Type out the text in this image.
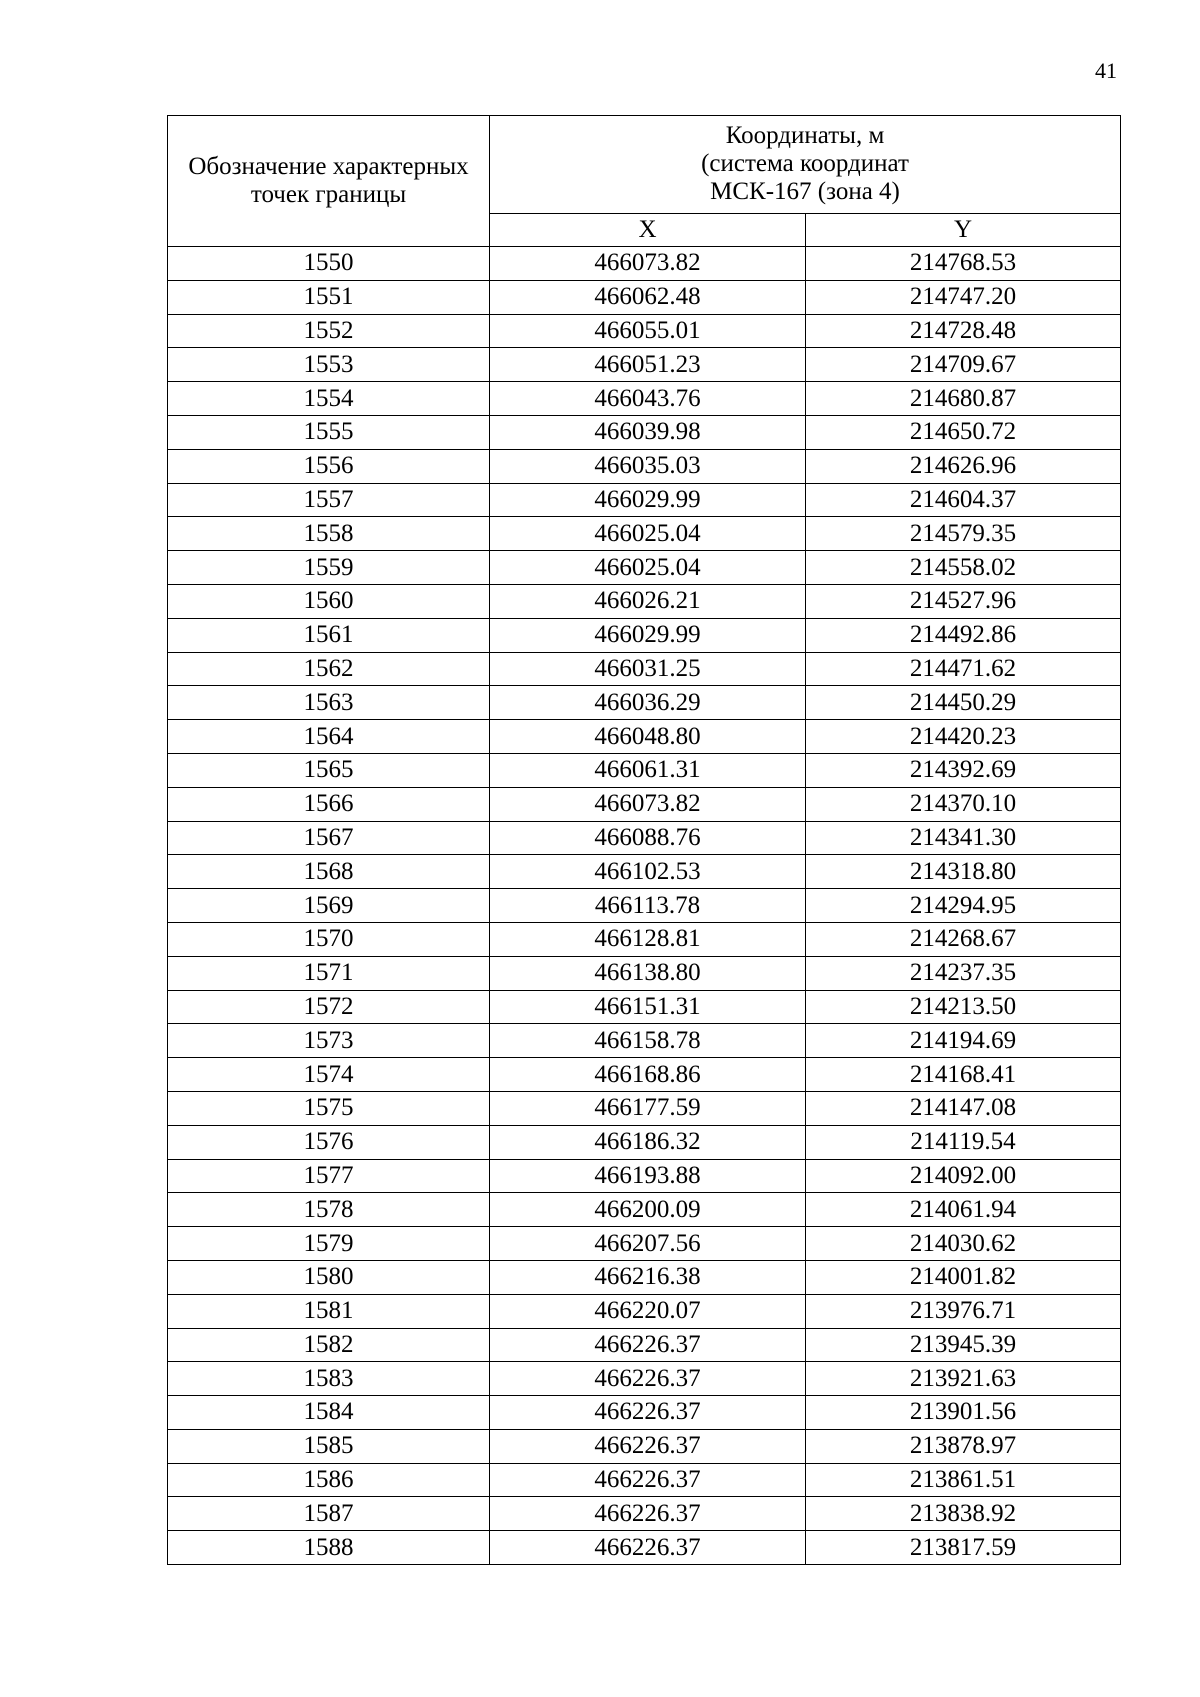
41
Обозначение характерных точек границы	Координаты, м
(система координат
МСК-167 (зона 4)	

	X	Y
1550	466073.82	214768.53
1551	466062.48	214747.20
1552	466055.01	214728.48
1553	466051.23	214709.67
1554	466043.76	214680.87
1555	466039.98	214650.72
1556	466035.03	214626.96
1557	466029.99	214604.37
1558	466025.04	214579.35
1559	466025.04	214558.02
1560	466026.21	214527.96
1561	466029.99	214492.86
1562	466031.25	214471.62
1563	466036.29	214450.29
1564	466048.80	214420.23
1565	466061.31	214392.69
1566	466073.82	214370.10
1567	466088.76	214341.30
1568	466102.53	214318.80
1569	466113.78	214294.95
1570	466128.81	214268.67
1571	466138.80	214237.35
1572	466151.31	214213.50
1573	466158.78	214194.69
1574	466168.86	214168.41
1575	466177.59	214147.08
1576	466186.32	214119.54
1577	466193.88	214092.00
1578	466200.09	214061.94
1579	466207.56	214030.62
1580	466216.38	214001.82
1581	466220.07	213976.71
1582	466226.37	213945.39
1583	466226.37	213921.63
1584	466226.37	213901.56
1585	466226.37	213878.97
1586	466226.37	213861.51
1587	466226.37	213838.92
1588	466226.37	213817.59
